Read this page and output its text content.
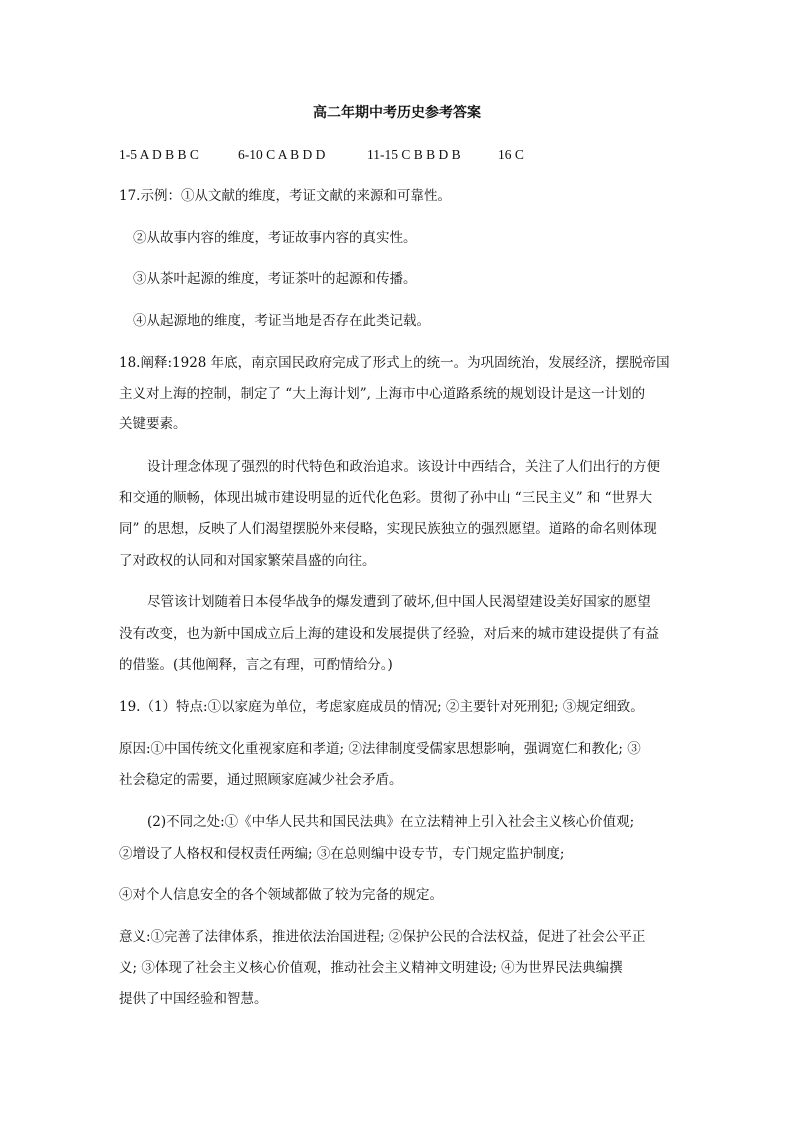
高二年期中考历史参考答案
1-5 A D B B C	6-10 C A B D D	11-15 C B B D B	16 C
17.示例：①从文献的维度，考证文献的来源和可靠性。
②从故事内容的维度，考证故事内容的真实性。
③从茶叶起源的维度，考证茶叶的起源和传播。
④从起源地的维度，考证当地是否存在此类记载。
18.阐释:1928 年底，南京国民政府完成了形式上的统一。为巩固统治，发展经济，摆脱帝国
主义对上海的控制，制定了 “大上海计划”, 上海市中心道路系统的规划设计是这一计划的
关键要素。
设计理念体现了强烈的时代特色和政治追求。该设计中西结合，关注了人们出行的方便
和交通的顺畅，体现出城市建设明显的近代化色彩。贯彻了孙中山 “三民主义” 和 “世界大
同” 的思想，反映了人们渴望摆脱外来侵略，实现民族独立的强烈愿望。道路的命名则体现
了对政权的认同和对国家繁荣昌盛的向往。
尽管该计划随着日本侵华战争的爆发遭到了破坏,但中国人民渴望建设美好国家的愿望
没有改变，也为新中国成立后上海的建设和发展提供了经验，对后来的城市建设提供了有益
的借鉴。(其他阐释，言之有理，可酌情给分。)
19.（1）特点:①以家庭为单位，考虑家庭成员的情况; ②主要针对死刑犯; ③规定细致。
原因:①中国传统文化重视家庭和孝道; ②法律制度受儒家思想影响，强调宽仁和教化; ③
社会稳定的需要，通过照顾家庭减少社会矛盾。
(2)不同之处:①《中华人民共和国民法典》在立法精神上引入社会主义核心价值观;
②增设了人格权和侵权责任两编; ③在总则编中设专节，专门规定监护制度;
④对个人信息安全的各个领域都做了较为完备的规定。
意义:①完善了法律体系，推进依法治国进程; ②保护公民的合法权益，促进了社会公平正
义; ③体现了社会主义核心价值观，推动社会主义精神文明建设; ④为世界民法典编撰
提供了中国经验和智慧。
